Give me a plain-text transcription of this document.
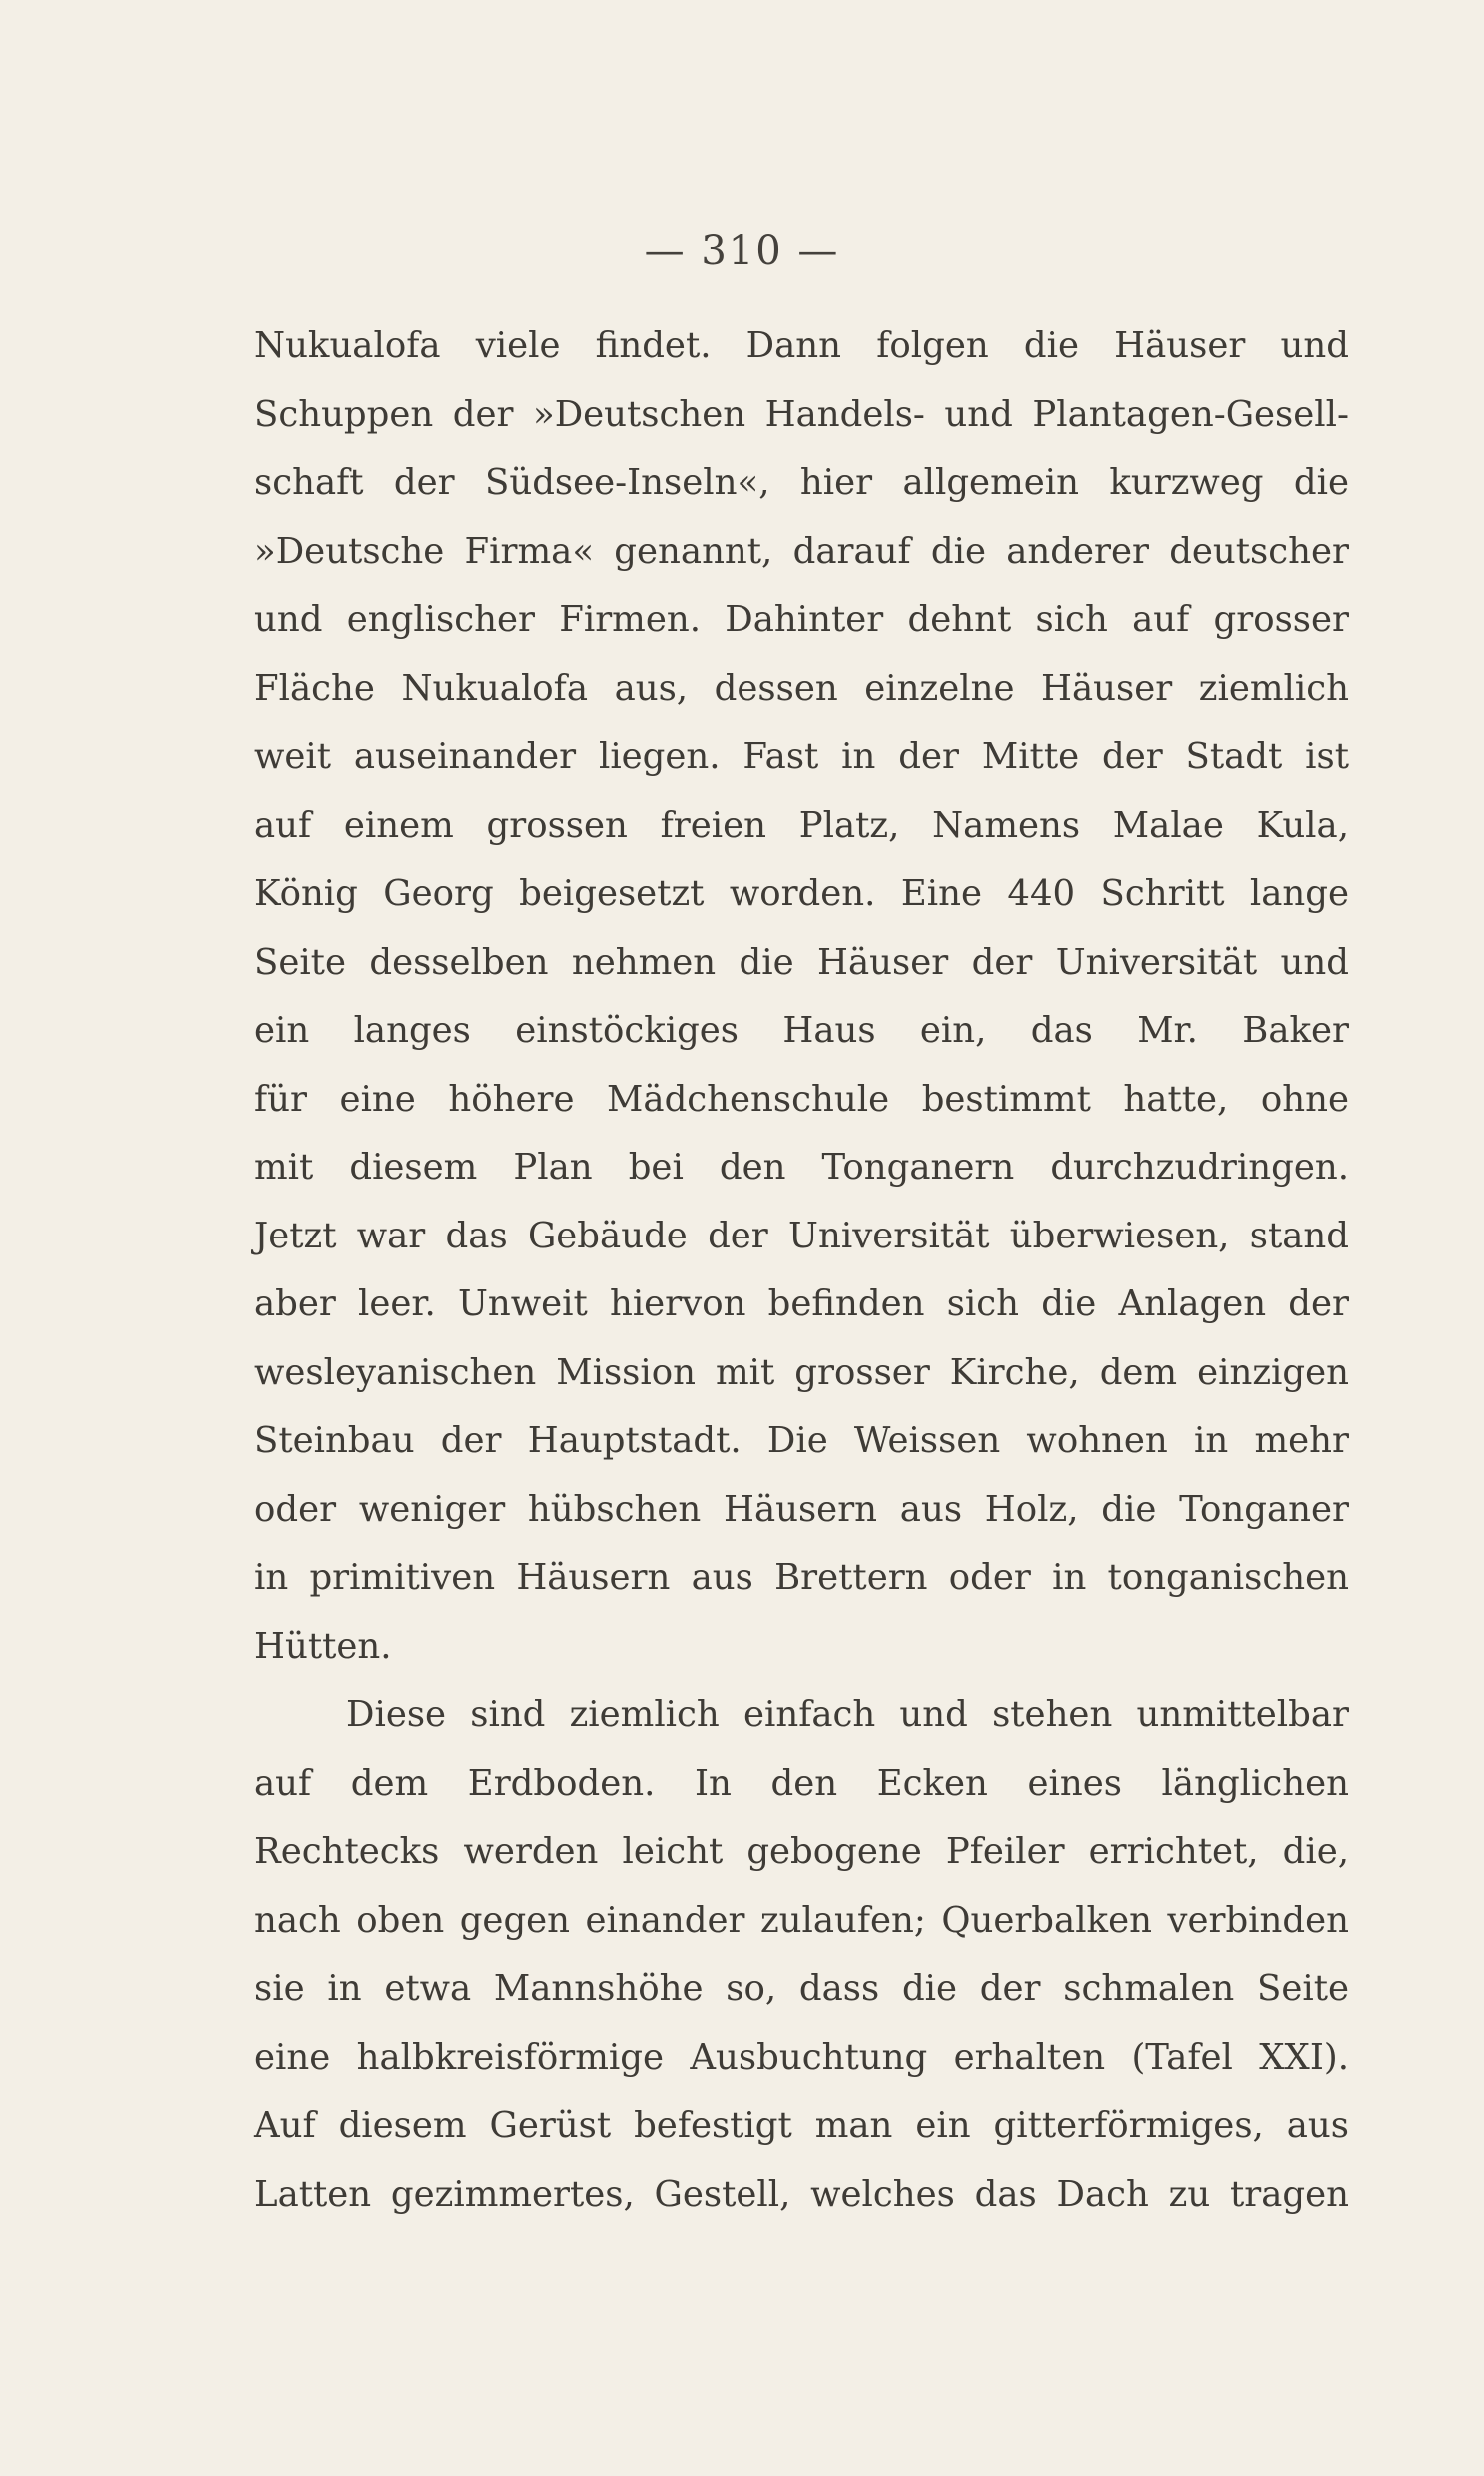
— 310 —
Nukualofa viele findet. Dann folgen die Häuser und
Schuppen der »Deutschen Handels- und Plantagen-Gesell-
schaft der Südsee-Inseln«, hier allgemein kurzweg die
»Deutsche Firma« genannt, darauf die anderer deutscher
und englischer Firmen. Dahinter dehnt sich auf grosser
Fläche Nukualofa aus, dessen einzelne Häuser ziemlich
weit auseinander liegen. Fast in der Mitte der Stadt ist
auf einem grossen freien Platz, Namens Malae Kula,
König Georg beigesetzt worden. Eine 440 Schritt lange
Seite desselben nehmen die Häuser der Universität und
ein langes einstöckiges Haus ein, das Mr. Baker
für eine höhere Mädchenschule bestimmt hatte, ohne
mit diesem Plan bei den Tonganern durchzudringen.
Jetzt war das Gebäude der Universität überwiesen, stand
aber leer. Unweit hiervon befinden sich die Anlagen der
wesleyanischen Mission mit grosser Kirche, dem einzigen
Steinbau der Hauptstadt. Die Weissen wohnen in mehr
oder weniger hübschen Häusern aus Holz, die Tonganer
in primitiven Häusern aus Brettern oder in tonganischen
Hütten.
Diese sind ziemlich einfach und stehen unmittelbar
auf dem Erdboden. In den Ecken eines länglichen
Rechtecks werden leicht gebogene Pfeiler errichtet, die,
nach oben gegen einander zulaufen; Querbalken verbinden
sie in etwa Mannshöhe so, dass die der schmalen Seite
eine halbkreisförmige Ausbuchtung erhalten (Tafel XXI).
Auf diesem Gerüst befestigt man ein gitterförmiges, aus
Latten gezimmertes, Gestell, welches das Dach zu tragen
